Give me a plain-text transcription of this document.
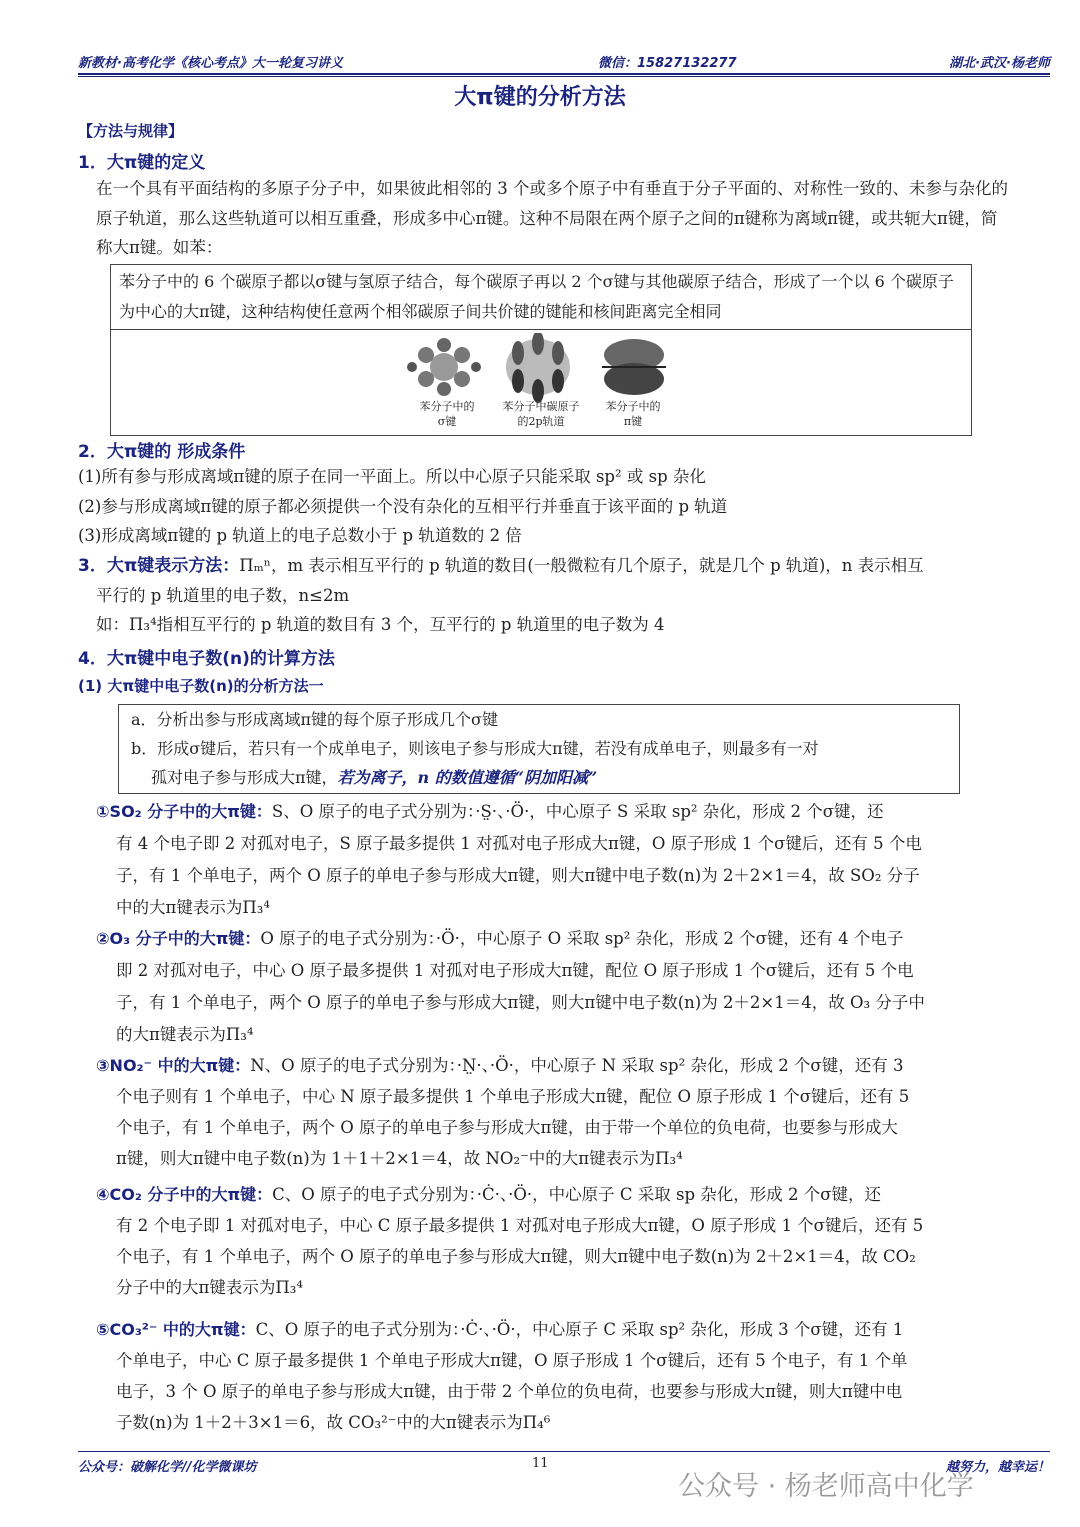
新教材·高考化学《核心考点》大一轮复习讲义	微信：15827132277	湖北·武汉·杨老师
大π键的分析方法
【方法与规律】
1．大π键的定义
在一个具有平面结构的多原子分子中，如果彼此相邻的 3 个或多个原子中有垂直于分子平面的、对称性一致的、未参与杂化的原子轨道，那么这些轨道可以相互重叠，形成多中心π键。这种不局限在两个原子之间的π键称为离域π键，或共轭大π键，简称大π键。如苯：
苯分子中的 6 个碳原子都以σ键与氢原子结合，每个碳原子再以 2 个σ键与其他碳原子结合，形成了一个以 6 个碳原子为中心的大π键，这种结构使任意两个相邻碳原子间共价键的键能和核间距离完全相同
苯分子中的σ键
苯分子中碳原子的2p轨道
苯分子中的π键
2．大π键的 形成条件
(1)所有参与形成离域π键的原子在同一平面上。所以中心原子只能采取 sp² 或 sp 杂化
(2)参与形成离域π键的原子都必须提供一个没有杂化的互相平行并垂直于该平面的 p 轨道
(3)形成离域π键的 p 轨道上的电子总数小于 p 轨道数的 2 倍
3．大π键表示方法：Πₘⁿ，m 表示相互平行的 p 轨道的数目(一般微粒有几个原子，就是几个 p 轨道)，n 表示相互
平行的 p 轨道里的电子数，n≤2m
如：Π₃⁴指相互平行的 p 轨道的数目有 3 个，互平行的 p 轨道里的电子数为 4
4．大π键中电子数(n)的计算方法
(1) 大π键中电子数(n)的分析方法一
a．分析出参与形成离域π键的每个原子形成几个σ键
b．形成σ键后，若只有一个成单电子，则该电子参与形成大π键，若没有成单电子，则最多有一对
孤对电子参与形成大π键，若为离子，n 的数值遵循“阴加阳减”
①SO₂ 分子中的大π键：S、O 原子的电子式分别为：·S̤·、·Ö·，中心原子 S 采取 sp² 杂化，形成 2 个σ键，还
有 4 个电子即 2 对孤对电子，S 原子最多提供 1 对孤对电子形成大π键，O 原子形成 1 个σ键后，还有 5 个电
子，有 1 个单电子，两个 O 原子的单电子参与形成大π键，则大π键中电子数(n)为 2＋2×1＝4，故 SO₂ 分子
中的大π键表示为Π₃⁴
②O₃ 分子中的大π键：O 原子的电子式分别为：·Ö·，中心原子 O 采取 sp² 杂化，形成 2 个σ键，还有 4 个电子
即 2 对孤对电子，中心 O 原子最多提供 1 对孤对电子形成大π键，配位 O 原子形成 1 个σ键后，还有 5 个电
子，有 1 个单电子，两个 O 原子的单电子参与形成大π键，则大π键中电子数(n)为 2＋2×1＝4，故 O₃ 分子中
的大π键表示为Π₃⁴
③NO₂⁻ 中的大π键：N、O 原子的电子式分别为：·N̤·、·Ö·，中心原子 N 采取 sp² 杂化，形成 2 个σ键，还有 3
个电子则有 1 个单电子，中心 N 原子最多提供 1 个单电子形成大π键，配位 O 原子形成 1 个σ键后，还有 5
个电子，有 1 个单电子，两个 O 原子的单电子参与形成大π键，由于带一个单位的负电荷，也要参与形成大
π键，则大π键中电子数(n)为 1＋1＋2×1＝4，故 NO₂⁻中的大π键表示为Π₃⁴
④CO₂ 分子中的大π键：C、O 原子的电子式分别为：·Ċ·、·Ö·，中心原子 C 采取 sp 杂化，形成 2 个σ键，还
有 2 个电子即 1 对孤对电子，中心 C 原子最多提供 1 对孤对电子形成大π键，O 原子形成 1 个σ键后，还有 5
个电子，有 1 个单电子，两个 O 原子的单电子参与形成大π键，则大π键中电子数(n)为 2＋2×1＝4，故 CO₂
分子中的大π键表示为Π₃⁴
⑤CO₃²⁻ 中的大π键：C、O 原子的电子式分别为：·Ċ·、·Ö·，中心原子 C 采取 sp² 杂化，形成 3 个σ键，还有 1
个单电子，中心 C 原子最多提供 1 个单电子形成大π键，O 原子形成 1 个σ键后，还有 5 个电子，有 1 个单
电子，3 个 O 原子的单电子参与形成大π键，由于带 2 个单位的负电荷，也要参与形成大π键，则大π键中电
子数(n)为 1＋2＋3×1＝6，故 CO₃²⁻中的大π键表示为Π₄⁶
公众号：破解化学//化学微课坊	11	越努力，越幸运！
公众号 · 杨老师高中化学
